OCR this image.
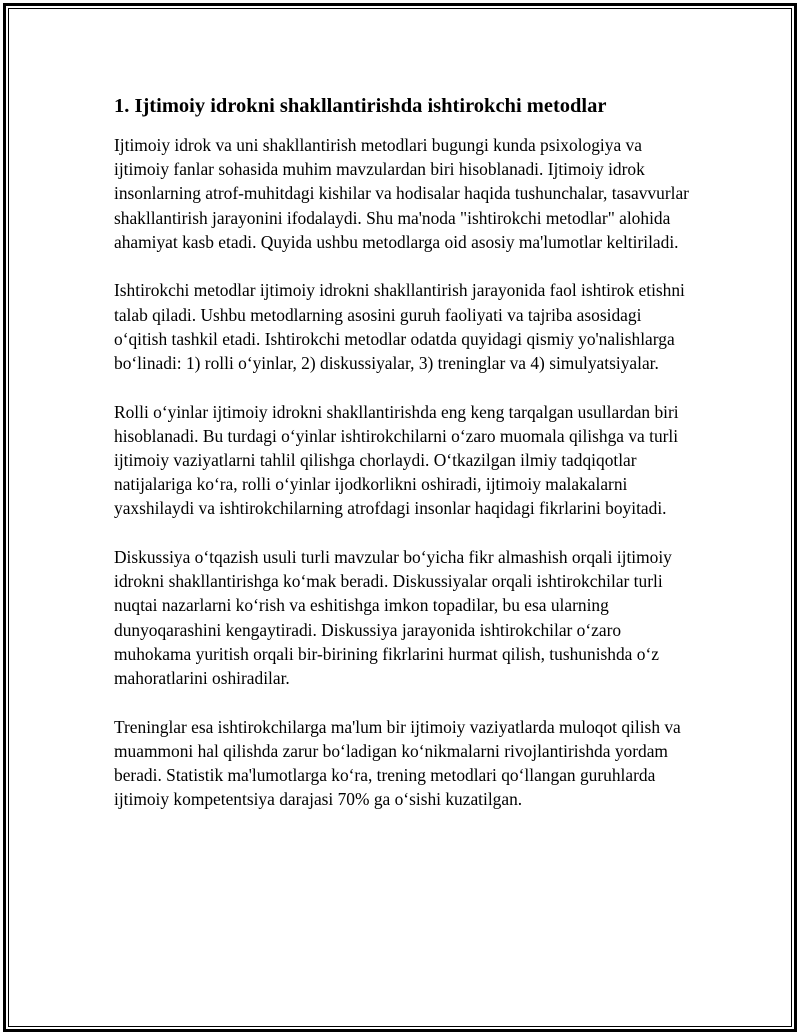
1. Ijtimoiy idrokni shakllantirishda ishtirokchi metodlar

Ijtimoiy idrok va uni shakllantirish metodlari bugungi kunda psixologiya va ijtimoiy fanlar sohasida muhim mavzulardan biri hisoblanadi. Ijtimoiy idrok insonlarning atrof-muhitdagi kishilar va hodisalar haqida tushunchalar, tasavvurlar shakllantirish jarayonini ifodalaydi. Shu ma'noda "ishtirokchi metodlar" alohida ahamiyat kasb etadi. Quyida ushbu metodlarga oid asosiy ma'lumotlar keltiriladi.

Ishtirokchi metodlar ijtimoiy idrokni shakllantirish jarayonida faol ishtirok etishni talab qiladi. Ushbu metodlarning asosini guruh faoliyati va tajriba asosidagi o‘qitish tashkil etadi. Ishtirokchi metodlar odatda quyidagi qismiy yo'nalishlarga bo‘linadi: 1) rolli o‘yinlar, 2) diskussiyalar, 3) treninglar va 4) simulyatsiyalar.

Rolli o‘yinlar ijtimoiy idrokni shakllantirishda eng keng tarqalgan usullardan biri hisoblanadi. Bu turdagi o‘yinlar ishtirokchilarni o‘zaro muomala qilishga va turli ijtimoiy vaziyatlarni tahlil qilishga chorlaydi. O‘tkazilgan ilmiy tadqiqotlar natijalariga ko‘ra, rolli o‘yinlar ijodkorlikni oshiradi, ijtimoiy malakalarni yaxshilaydi va ishtirokchilarning atrofdagi insonlar haqidagi fikrlarini boyitadi.

Diskussiya o‘tqazish usuli turli mavzular bo‘yicha fikr almashish orqali ijtimoiy idrokni shakllantirishga ko‘mak beradi. Diskussiyalar orqali ishtirokchilar turli nuqtai nazarlarni ko‘rish va eshitishga imkon topadilar, bu esa ularning dunyoqarashini kengaytiradi. Diskussiya jarayonida ishtirokchilar o‘zaro muhokama yuritish orqali bir-birining fikrlarini hurmat qilish, tushunishda o‘z mahoratlarini oshiradilar.

Treninglar esa ishtirokchilarga ma'lum bir ijtimoiy vaziyatlarda muloqot qilish va muammoni hal qilishda zarur bo‘ladigan ko‘nikmalarni rivojlantirishda yordam beradi. Statistik ma'lumotlarga ko‘ra, trening metodlari qo‘llangan guruhlarda ijtimoiy kompetentsiya darajasi 70% ga o‘sishi kuzatilgan.
